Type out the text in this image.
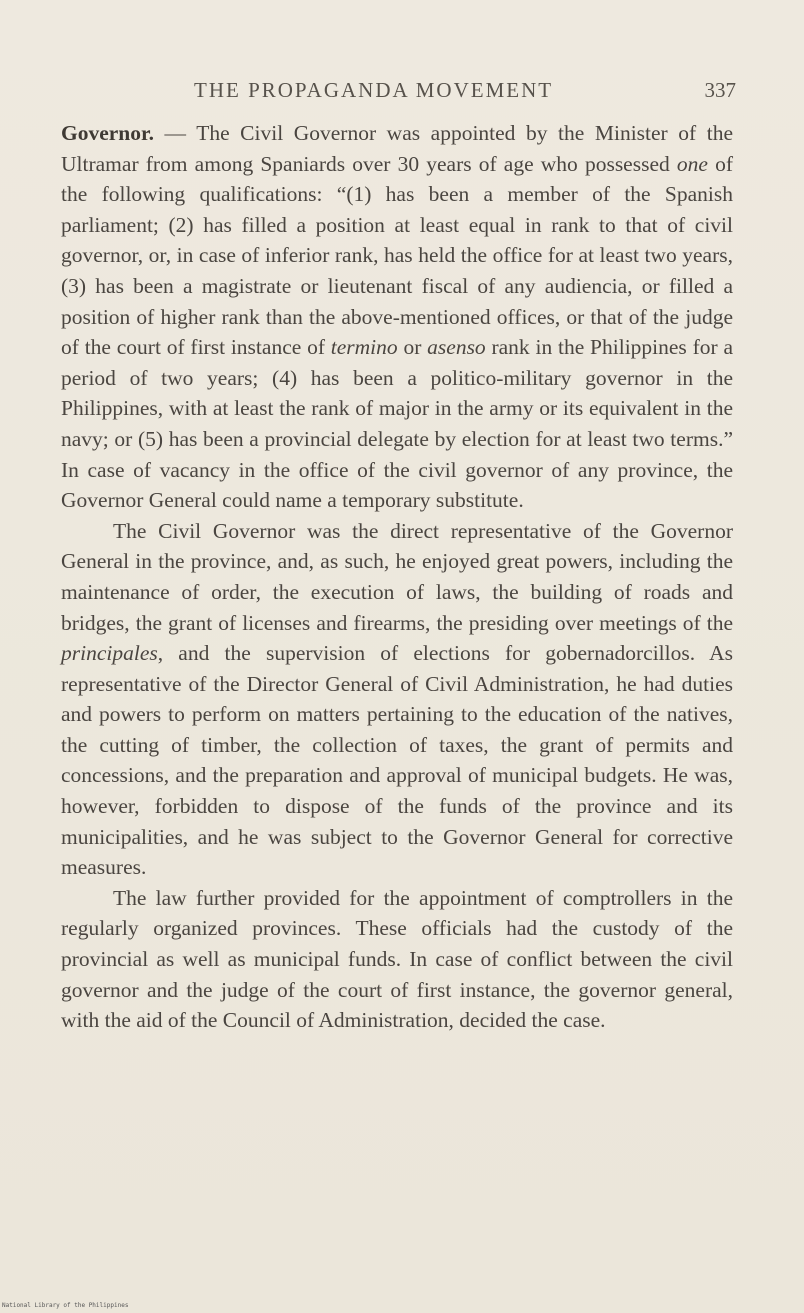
THE PROPAGANDA MOVEMENT	337

Governor. — The Civil Governor was appointed by the Minister of the Ultramar from among Spaniards over 30 years of age who possessed one of the following qualifications: “(1) has been a member of the Spanish parliament; (2) has filled a position at least equal in rank to that of civil governor, or, in case of inferior rank, has held the office for at least two years, (3) has been a magistrate or lieutenant fiscal of any audiencia, or filled a position of higher rank than the above-mentioned offices, or that of the judge of the court of first instance of termino or asenso rank in the Philippines for a period of two years; (4) has been a politico-military governor in the Philippines, with at least the rank of major in the army or its equivalent in the navy; or (5) has been a provincial delegate by election for at least two terms.” In case of vacancy in the office of the civil governor of any province, the Governor General could name a temporary substitute.

The Civil Governor was the direct representative of the Governor General in the province, and, as such, he enjoyed great powers, including the maintenance of order, the execution of laws, the building of roads and bridges, the grant of licenses and firearms, the presiding over meetings of the principales, and the supervision of elections for gobernadorcillos. As representative of the Director General of Civil Administration, he had duties and powers to perform on matters pertaining to the education of the natives, the cutting of timber, the collection of taxes, the grant of permits and concessions, and the preparation and approval of municipal budgets. He was, however, forbidden to dispose of the funds of the province and its municipalities, and he was subject to the Governor General for corrective measures.

The law further provided for the appointment of comptrollers in the regularly organized provinces. These officials had the custody of the provincial as well as municipal funds. In case of conflict between the civil governor and the judge of the court of first instance, the governor general, with the aid of the Council of Administration, decided the case.

National Library of the Philippines
